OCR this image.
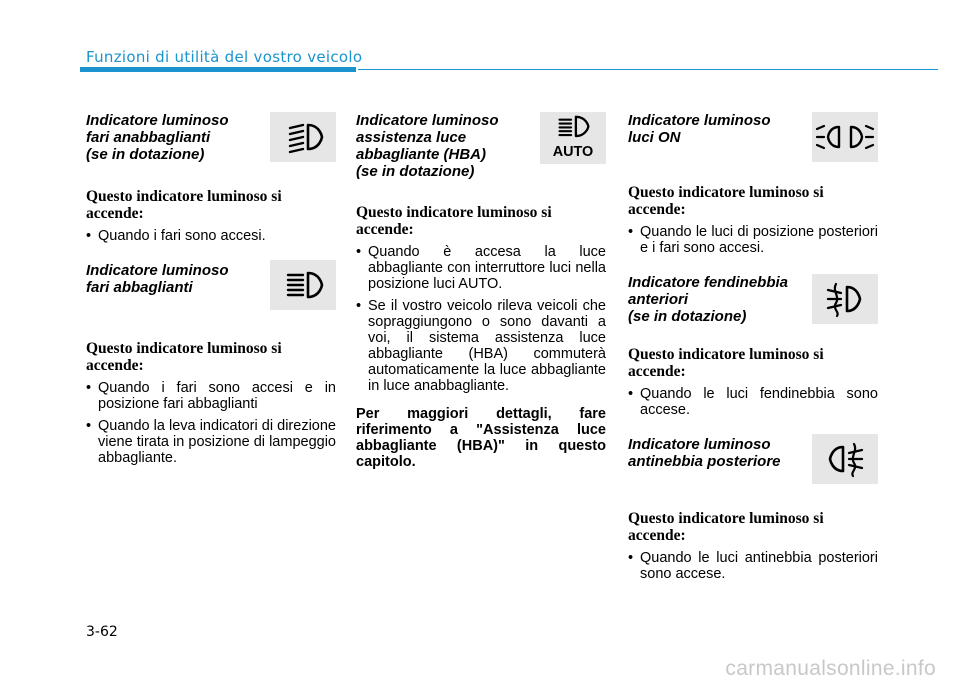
Funzioni di utilità del vostro veicolo

Indicatore luminoso
fari anabbaglianti
(se in dotazione)

Questo indicatore luminoso si
accende:

• Quando i fari sono accesi.

Indicatore luminoso
fari abbaglianti

Questo indicatore luminoso si
accende:

• Quando i fari sono accesi e in posizione fari abbaglianti
• Quando la leva indicatori di direzione viene tirata in posizione di lampeggio abbagliante.

Indicatore luminoso
assistenza luce
abbagliante (HBA)
(se in dotazione)

AUTO

Questo indicatore luminoso si
accende:

• Quando è accesa la luce abbagliante con interruttore luci nella posizione luci AUTO.
• Se il vostro veicolo rileva veicoli che sopraggiungono o sono davanti a voi, il sistema assistenza luce abbagliante (HBA) commuterà automaticamente la luce abbagliante in luce anabbagliante.

Per maggiori dettagli, fare riferimento a "Assistenza luce abbagliante (HBA)" in questo capitolo.

Indicatore luminoso
luci ON

Questo indicatore luminoso si
accende:

• Quando le luci di posizione posteriori e i fari sono accesi.

Indicatore fendinebbia
anteriori
(se in dotazione)

Questo indicatore luminoso si
accende:

• Quando le luci fendinebbia sono accese.

Indicatore luminoso
antinebbia posteriore

Questo indicatore luminoso si
accende:

• Quando le luci antinebbia posteriori sono accese.
3-62
carmanualsonline.info
